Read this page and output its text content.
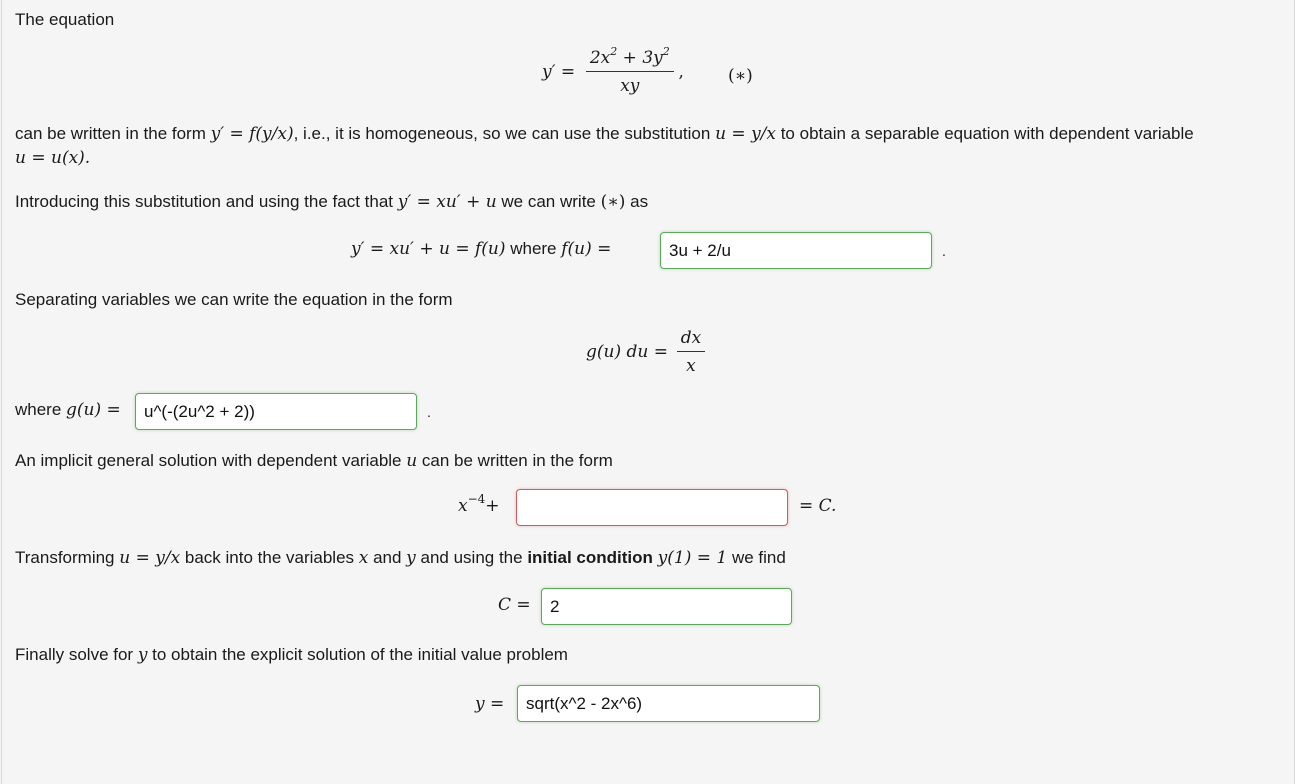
The equation
$y' = \frac{2x^2 + 3y^2}{xy}$ ,	(∗)
can be written in the form y′ = f(y/x), i.e., it is homogeneous, so we can use the substitution u = y/x to obtain a separable equation with dependent variable
u = u(x).
Introducing this substitution and using the fact that y′ = xu′ + u we can write (∗) as
y′ = xu′ + u = f(u) where f(u) =
3u + 2/u	.
Separating variables we can write the equation in the form
g(u) du = $\frac{dx}{x}$
where g(u) =
u^(-(2u^2 + 2))	.
An implicit general solution with dependent variable u can be written in the form
$x^{-4}+$	= C.
Transforming u = y/x back into the variables x and y and using the initial condition y(1) = 1 we find
C =
2
Finally solve for y to obtain the explicit solution of the initial value problem
y =
sqrt(x^2 - 2x^6)
